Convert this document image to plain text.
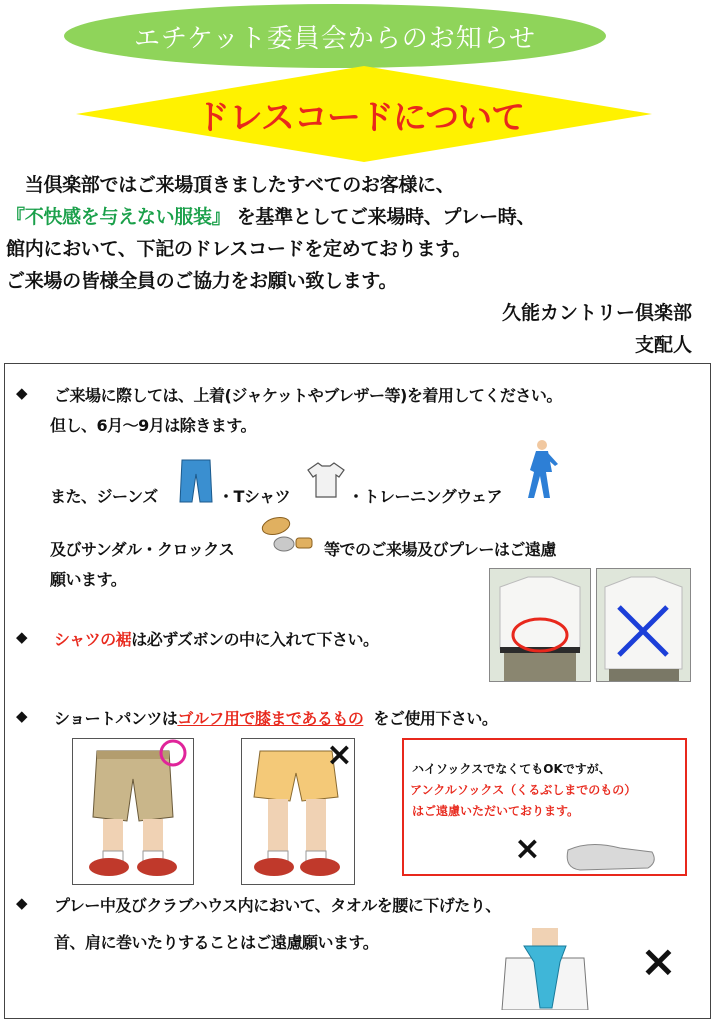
エチケット委員会からのお知らせ
ドレスコードについて
　当倶楽部ではご来場頂きましたすべてのお客様に、
『不快感を与えない服装』 を基準としてご来場時、プレー時、
館内において、下記のドレスコードを定めております。
ご来場の皆様全員のご協力をお願い致します。
久能カントリー倶楽部
支配人
◆ ご来場に際しては、上着(ジャケットやブレザー等)を着用してください。
但し、6月～9月は除きます。
また、ジーンズ	・Tシャツ	・トレーニングウェア
及びサンダル・クロックス	等でのご来場及びプレーはご遠慮
願います。
◆ シャツの裾は必ずズボンの中に入れて下さい。
◆ ショートパンツはゴルフ用で膝まであるもの をご使用下さい。
×	ハイソックスでなくてもOKですが、
アンクルソックス（くるぶしまでのもの）
はご遠慮いただいております。
×
◆ プレー中及びクラブハウス内において、タオルを腰に下げたり、
首、肩に巻いたりすることはご遠慮願います。	×
